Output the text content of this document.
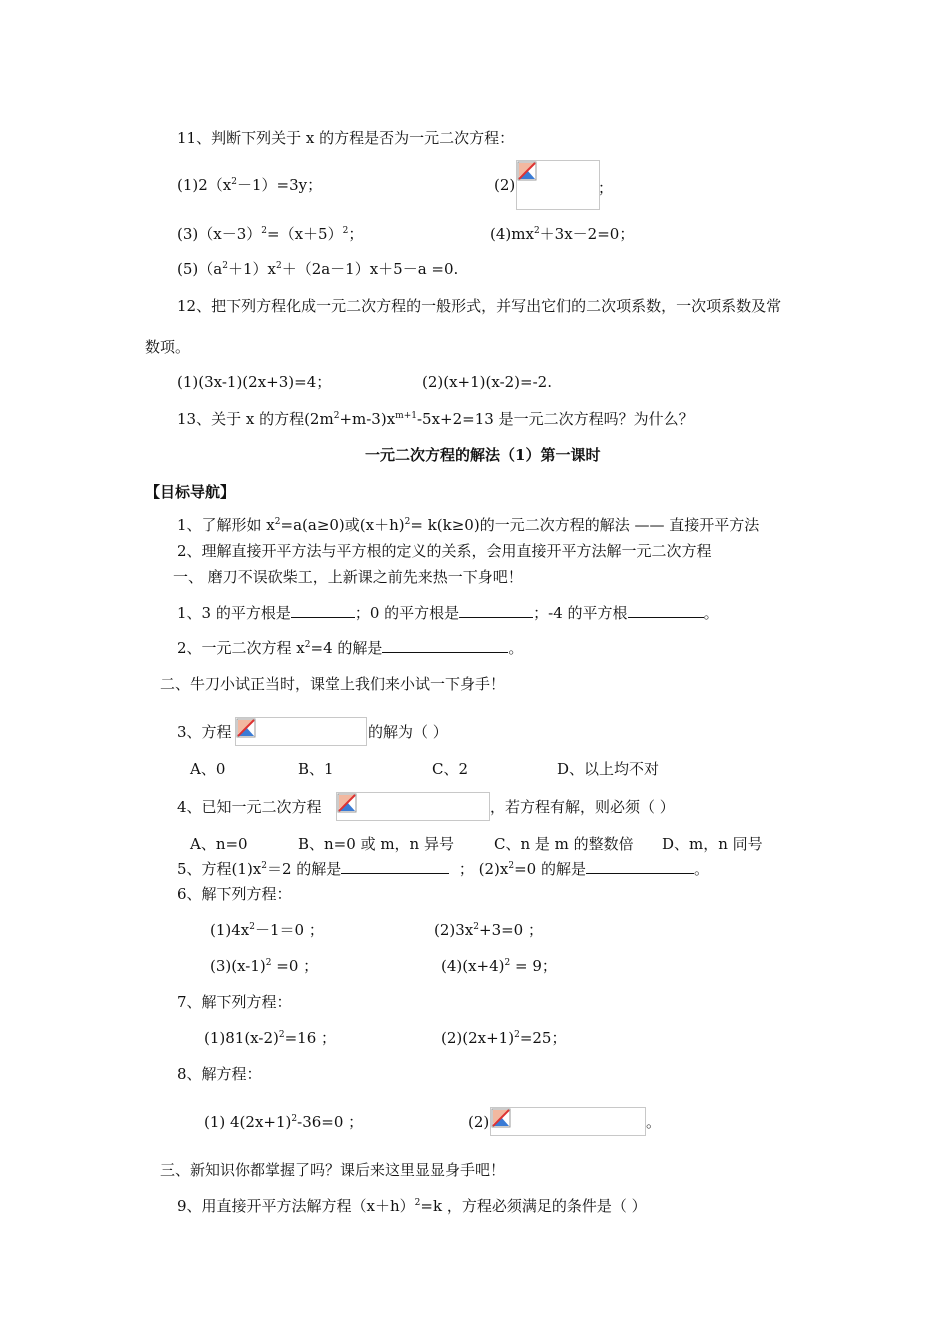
11、判断下列关于 x 的方程是否为一元二次方程：
$(1)2(x^2-1)=3y$；	(2)	；
$(3)(x-3)^2=(x+5)^2$；	$(4)mx^2+3x-2=0$；
$(5)(a^2+1)x^2+(2a-1)x+5-a =0$.
12、把下列方程化成一元二次方程的一般形式，并写出它们的二次项系数，一次项系数及常
数项。
(1)(3x-1)(2x+3)=4；	(2)(x+1)(x-2)=-2.
13、关于 x 的方程$(2m^2+m-3)x^{m+1}-5x+2=13$ 是一元二次方程吗？为什么？
一元二次方程的解法（1）第一课时
【目标导航】
1、了解形如 $x^2=a(a\ge 0)$或$(x+h)^2= k(k\ge 0)$的一元二次方程的解法 —— 直接开平方法
2、理解直接开平方法与平方根的定义的关系，会用直接开平方法解一元二次方程
一、 磨刀不误砍柴工，上新课之前先来热一下身吧！
1、3 的平方根是	；0 的平方根是	；-4 的平方根	。
2、一元二次方程 $x^2=4$ 的解是	。
二、牛刀小试正当时，课堂上我们来小试一下身手！
3、方程	的解为（ ）
A、0	B、1	C、2	D、以上均不对
4、已知一元二次方程	，若方程有解，则必须（ ）
A、n=0	B、n=0 或 m，n 异号	C、n 是 m 的整数倍 D、m，n 同号
5、方程$(1)x^2=2$ 的解是	； $(2)x^2=0$ 的解是	。
6、解下列方程：
$(1)4x^2-1=0$ ；	$(2)3x^2+3=0$ ；
$(3)(x-1)^2 =0$ ；	$(4)(x+4)^2 = 9$；
7、解下列方程：
$(1)81(x-2)^2=16$ ；	$(2)(2x+1)^2=25$；
8、解方程：
(1) $4(2x+1)^2-36=0$ ；	(2)	。
三、新知识你都掌握了吗？课后来这里显显身手吧！
9、用直接开平方法解方程$(x+h)^2=k$ ，方程必须满足的条件是（ ）
